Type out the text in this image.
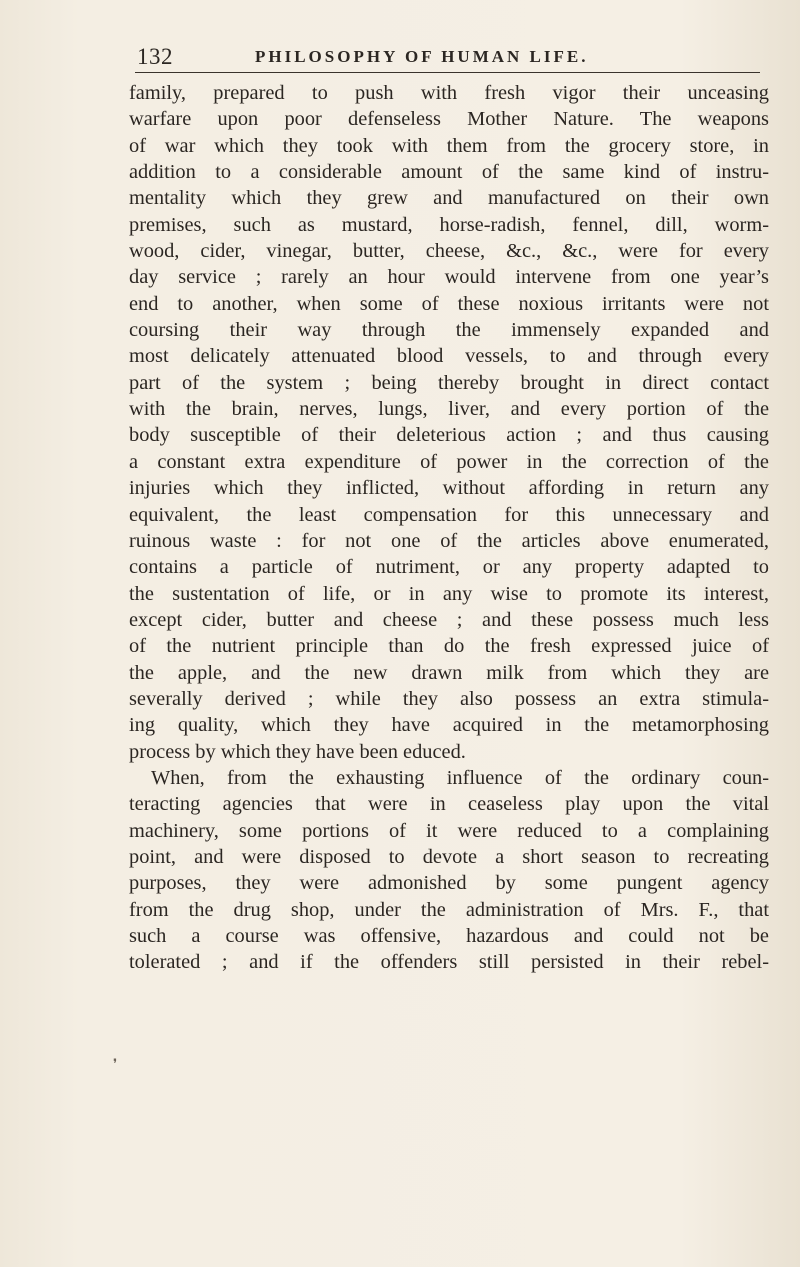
132	PHILOSOPHY OF HUMAN LIFE.
family, prepared to push with fresh vigor their unceasing
warfare upon poor defenseless Mother Nature. The weapons
of war which they took with them from the grocery store, in
addition to a considerable amount of the same kind of instru-
mentality which they grew and manufactured on their own
premises, such as mustard, horse-radish, fennel, dill, worm-
wood, cider, vinegar, butter, cheese, &c., &c., were for every
day service ; rarely an hour would intervene from one year’s
end to another, when some of these noxious irritants were not
coursing their way through the immensely expanded and
most delicately attenuated blood vessels, to and through every
part of the system ; being thereby brought in direct contact
with the brain, nerves, lungs, liver, and every portion of the
body susceptible of their deleterious action ; and thus causing
a constant extra expenditure of power in the correction of the
injuries which they inflicted, without affording in return any
equivalent, the least compensation for this unnecessary and
ruinous waste : for not one of the articles above enumerated,
contains a particle of nutriment, or any property adapted to
the sustentation of life, or in any wise to promote its interest,
except cider, butter and cheese ; and these possess much less
of the nutrient principle than do the fresh expressed juice of
the apple, and the new drawn milk from which they are
severally derived ; while they also possess an extra stimula-
ing quality, which they have acquired in the metamorphosing
process by which they have been educed.
When, from the exhausting influence of the ordinary coun-
teracting agencies that were in ceaseless play upon the vital
machinery, some portions of it were reduced to a complaining
point, and were disposed to devote a short season to recreating
purposes, they were admonished by some pungent agency
from the drug shop, under the administration of Mrs. F., that
such a course was offensive, hazardous and could not be
tolerated ; and if the offenders still persisted in their rebel-
❜
